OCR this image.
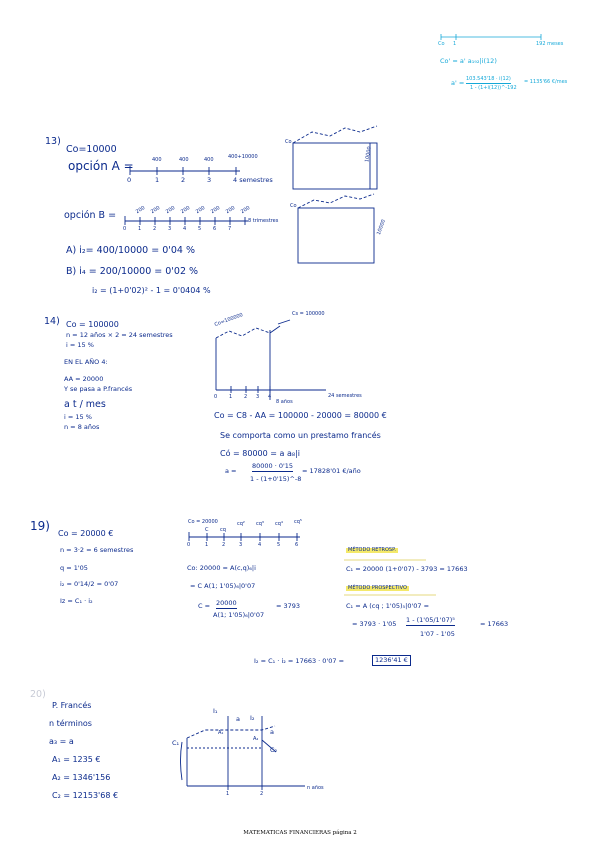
Co 1	192 meses
Co' = a' a₁₉₂|i(12)
a' = 103.543'18 · i(12)
1 - (1+i(12))^-192
= 1135'66 €/mes
13)
Co=10000
opción A =	400	400	400	400+10000
0	1	2	3	4 semestres
Co
10000
opción B =	200 200 200 200 200 200 200 200
0 1 2 3 4 5 6 7
8 trimestres
Co
10000
A) i₂= 400/10000 = 0'04 %
B) i₄ = 200/10000 = 0'02 %
i₂ = (1+0'02)² - 1 = 0'0404 %
14) Co = 100000
n = 12 años × 2 = 24 semestres
i = 15 %
EN EL AÑO 4:
AA = 20000
Y se pasa a P.francés
a t / mes
i = 15 %
n = 8 años
Co=100000	Cs = 100000
0 1 2 3 4
8 años
24 semestres
Co = C8 - AA = 100000 - 20000 = 80000 €
Se comporta como un prestamo francés
Có = 80000 = a a₈|i
a =
80000 · 0'15
1 - (1+0'15)^-8
= 17828'01 €/año
19)
Co = 20000 €
n = 3·2 = 6 semestres
q = 1'05
i₂ = 0'14/2 = 0'07
Iz = C₁ · i₂
Co = 20000
C cq
cq² cq³ cq⁴ cq⁵
0	1	2	3	4	5	6
Co: 20000 = A(c,q)₆|i
= C A(1; 1'05)₆|0'07
C = 20000
A(1; 1'05)₆|0'07
= 3793
MÉTODO RETROSP.
C₁ = 20000 (1+0'07) - 3793 = 17663
MÉTODO PROSPECTIVO
C₁ = A (cq ; 1'05)₅|0'07 =
= 3793 · 1'05 1 - (1'05/1'07)⁵
1'07 - 1'05
= 17663
I₂ = C₁ · i₂ = 17663 · 0'07 =	1236'41 €
20)
P. Francés
n términos
a₃ = a
A₁ = 1235 €
A₂ = 1346'156
C₂ = 12153'68 €
I₁
a I₂
a
A₁
A₂
C₁
C₂
1	2
n años
MATEMATICAS FINANCIERAS página 2
